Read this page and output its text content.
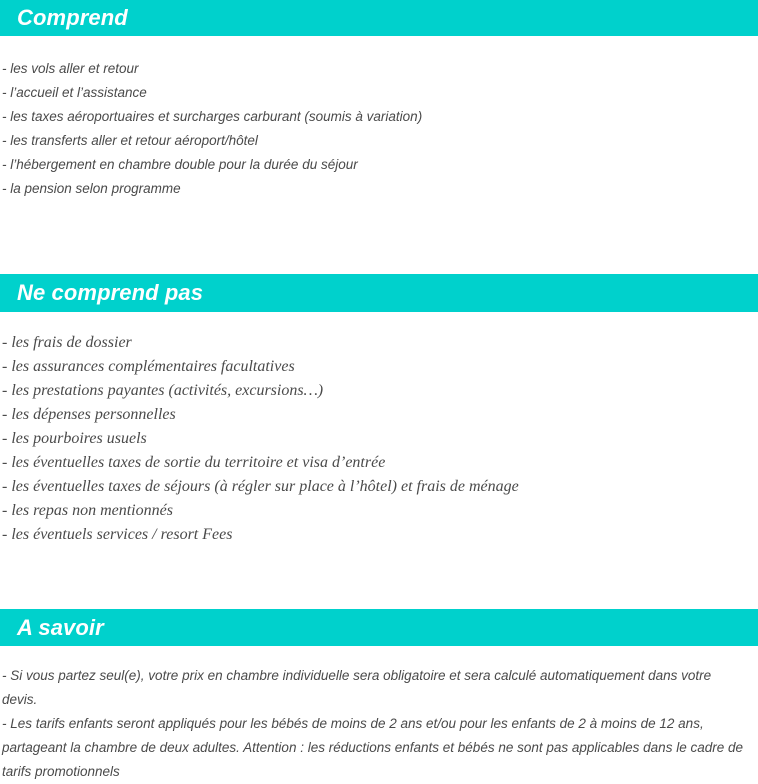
Comprend
- les vols aller et retour
- l’accueil et l’assistance
- les taxes aéroportuaires et surcharges carburant (soumis à variation)
- les transferts aller et retour aéroport/hôtel
- l’hébergement en chambre double pour la durée du séjour
- la pension selon programme
Ne comprend pas
- les frais de dossier
- les assurances complémentaires facultatives
- les prestations payantes (activités, excursions…)
- les dépenses personnelles
- les pourboires usuels
- les éventuelles taxes de sortie du territoire et visa d’entrée
- les éventuelles taxes de séjours (à régler sur place à l’hôtel) et frais de ménage
- les repas non mentionnés
- les éventuels services / resort Fees
A savoir
- Si vous partez seul(e), votre prix en chambre individuelle sera obligatoire et sera calculé automatiquement dans votre devis.
- Les tarifs enfants seront appliqués pour les bébés de moins de 2 ans et/ou pour les enfants de 2 à moins de 12 ans, partageant la chambre de deux adultes. Attention : les réductions enfants et bébés ne sont pas applicables dans le cadre de tarifs promotionnels
